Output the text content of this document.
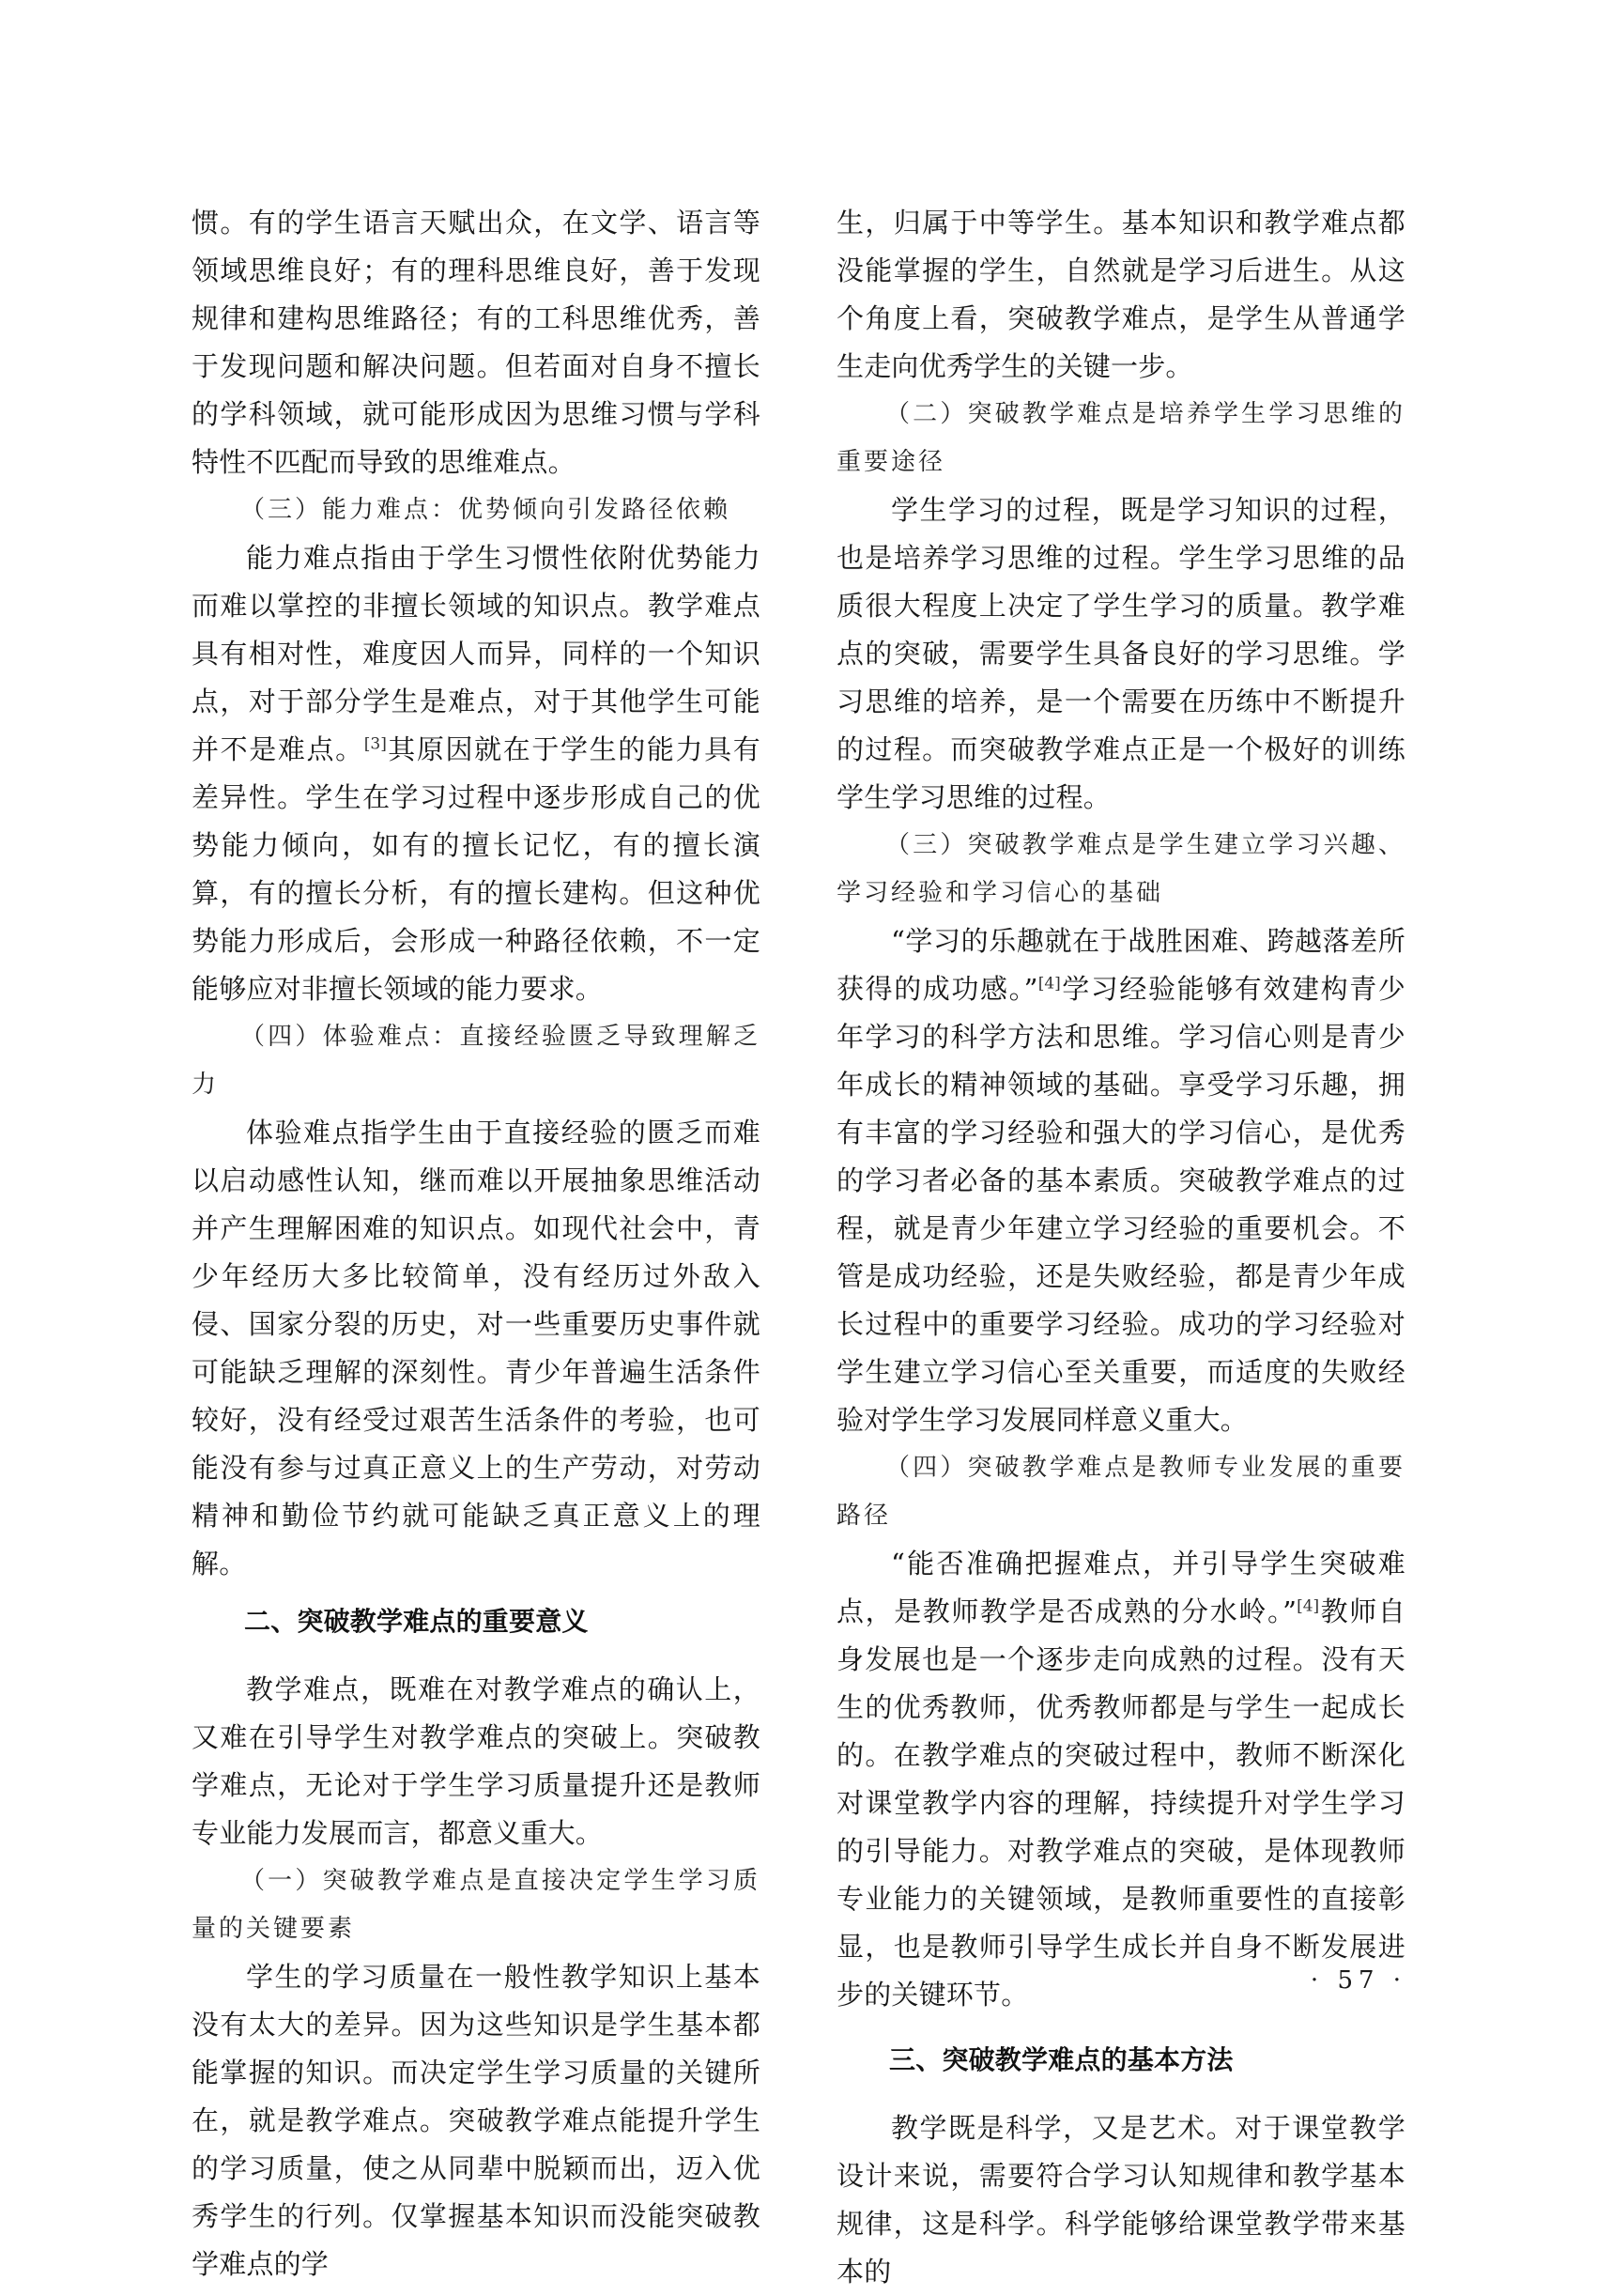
惯。有的学生语言天赋出众，在文学、语言等领域思维良好；有的理科思维良好，善于发现规律和建构思维路径；有的工科思维优秀，善于发现问题和解决问题。但若面对自身不擅长的学科领域，就可能形成因为思维习惯与学科特性不匹配而导致的思维难点。

（三）能力难点：优势倾向引发路径依赖

能力难点指由于学生习惯性依附优势能力而难以掌控的非擅长领域的知识点。教学难点具有相对性，难度因人而异，同样的一个知识点，对于部分学生是难点，对于其他学生可能并不是难点。[3]其原因就在于学生的能力具有差异性。学生在学习过程中逐步形成自己的优势能力倾向，如有的擅长记忆，有的擅长演算，有的擅长分析，有的擅长建构。但这种优势能力形成后，会形成一种路径依赖，不一定能够应对非擅长领域的能力要求。

（四）体验难点：直接经验匮乏导致理解乏力

体验难点指学生由于直接经验的匮乏而难以启动感性认知，继而难以开展抽象思维活动并产生理解困难的知识点。如现代社会中，青少年经历大多比较简单，没有经历过外敌入侵、国家分裂的历史，对一些重要历史事件就可能缺乏理解的深刻性。青少年普遍生活条件较好，没有经受过艰苦生活条件的考验，也可能没有参与过真正意义上的生产劳动，对劳动精神和勤俭节约就可能缺乏真正意义上的理解。

二、突破教学难点的重要意义

教学难点，既难在对教学难点的确认上，又难在引导学生对教学难点的突破上。突破教学难点，无论对于学生学习质量提升还是教师专业能力发展而言，都意义重大。

（一）突破教学难点是直接决定学生学习质量的关键要素

学生的学习质量在一般性教学知识上基本没有太大的差异。因为这些知识是学生基本都能掌握的知识。而决定学生学习质量的关键所在，就是教学难点。突破教学难点能提升学生的学习质量，使之从同辈中脱颖而出，迈入优秀学生的行列。仅掌握基本知识而没能突破教学难点的学

生，归属于中等学生。基本知识和教学难点都没能掌握的学生，自然就是学习后进生。从这个角度上看，突破教学难点，是学生从普通学生走向优秀学生的关键一步。

（二）突破教学难点是培养学生学习思维的重要途径

学生学习的过程，既是学习知识的过程，也是培养学习思维的过程。学生学习思维的品质很大程度上决定了学生学习的质量。教学难点的突破，需要学生具备良好的学习思维。学习思维的培养，是一个需要在历练中不断提升的过程。而突破教学难点正是一个极好的训练学生学习思维的过程。

（三）突破教学难点是学生建立学习兴趣、学习经验和学习信心的基础

“学习的乐趣就在于战胜困难、跨越落差所获得的成功感。”[4]学习经验能够有效建构青少年学习的科学方法和思维。学习信心则是青少年成长的精神领域的基础。享受学习乐趣，拥有丰富的学习经验和强大的学习信心，是优秀的学习者必备的基本素质。突破教学难点的过程，就是青少年建立学习经验的重要机会。不管是成功经验，还是失败经验，都是青少年成长过程中的重要学习经验。成功的学习经验对学生建立学习信心至关重要，而适度的失败经验对学生学习发展同样意义重大。

（四）突破教学难点是教师专业发展的重要路径

“能否准确把握难点，并引导学生突破难点，是教师教学是否成熟的分水岭。”[4]教师自身发展也是一个逐步走向成熟的过程。没有天生的优秀教师，优秀教师都是与学生一起成长的。在教学难点的突破过程中，教师不断深化对课堂教学内容的理解，持续提升对学生学习的引导能力。对教学难点的突破，是体现教师专业能力的关键领域，是教师重要性的直接彰显，也是教师引导学生成长并自身不断发展进步的关键环节。

三、突破教学难点的基本方法

教学既是科学，又是艺术。对于课堂教学设计来说，需要符合学习认知规律和教学基本规律，这是科学。科学能够给课堂教学带来基本的

· 57 ·
